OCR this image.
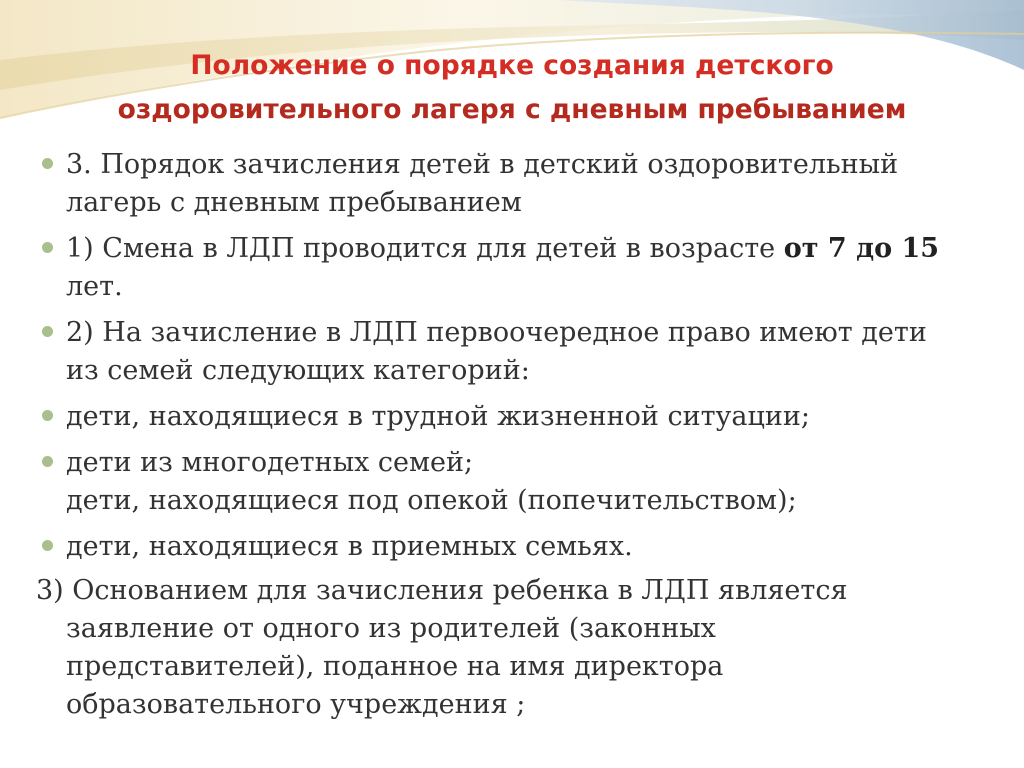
Положение о порядке создания детского
оздоровительного лагеря с дневным пребыванием
3. Порядок зачисления детей в детский оздоровительный
лагерь с дневным пребыванием
1) Смена в ЛДП проводится для детей в возрасте от 7 до 15
лет.
2) На зачисление в ЛДП первоочередное право имеют дети
из семей следующих категорий:
дети, находящиеся в трудной жизненной ситуации;
дети из многодетных семей;
дети, находящиеся под опекой (попечительством);
дети, находящиеся в приемных семьях.
3) Основанием для зачисления ребенка в ЛДП является
заявление от одного из родителей (законных
представителей), поданное на имя директора
образовательного учреждения ;
